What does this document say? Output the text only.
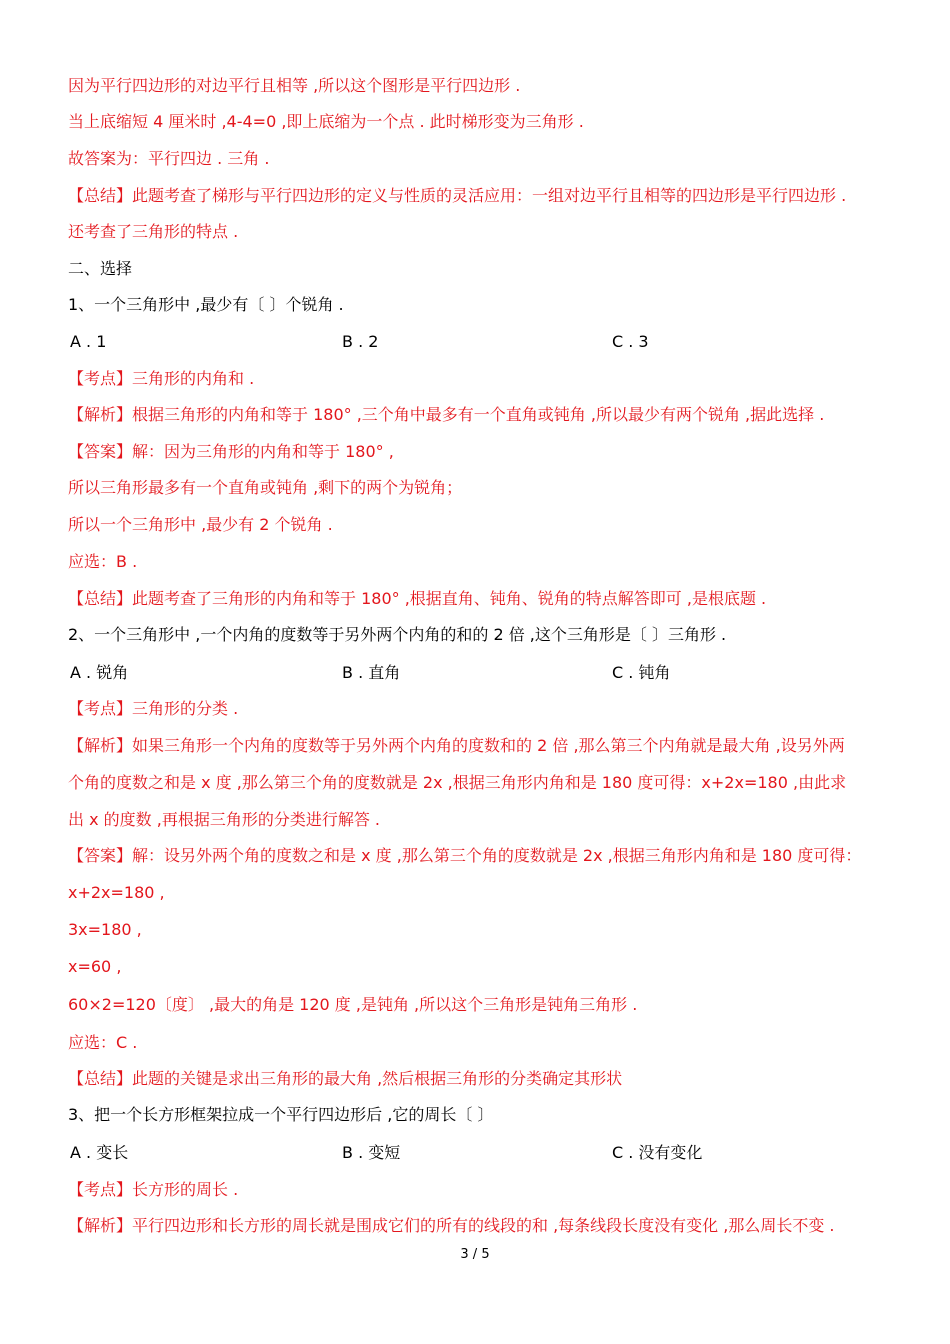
因为平行四边形的对边平行且相等 ,所以这个图形是平行四边形 .
当上底缩短 4 厘米时 ,4-4=0 ,即上底缩为一个点 . 此时梯形变为三角形 .
故答案为：平行四边 . 三角 .
【总结】此题考查了梯形与平行四边形的定义与性质的灵活应用：一组对边平行且相等的四边形是平行四边形 .
还考查了三角形的特点 .
二、选择
1、一个三角形中 ,最少有〔 〕个锐角 .
A . 1	B . 2	C . 3
【考点】三角形的内角和 .
【解析】根据三角形的内角和等于 180° ,三个角中最多有一个直角或钝角 ,所以最少有两个锐角 ,据此选择 .
【答案】解：因为三角形的内角和等于 180° ,
所以三角形最多有一个直角或钝角 ,剩下的两个为锐角；
所以一个三角形中 ,最少有 2 个锐角 .
应选：B .
【总结】此题考查了三角形的内角和等于 180° ,根据直角、钝角、锐角的特点解答即可 ,是根底题 .
2、一个三角形中 ,一个内角的度数等于另外两个内角的和的 2 倍 ,这个三角形是〔 〕三角形 .
A . 锐角	B . 直角	C . 钝角
【考点】三角形的分类 .
【解析】如果三角形一个内角的度数等于另外两个内角的度数和的 2 倍 ,那么第三个内角就是最大角 ,设另外两
个角的度数之和是 x 度 ,那么第三个角的度数就是 2x ,根据三角形内角和是 180 度可得：x+2x=180 ,由此求
出 x 的度数 ,再根据三角形的分类进行解答 .
【答案】解：设另外两个角的度数之和是 x 度 ,那么第三个角的度数就是 2x ,根据三角形内角和是 180 度可得：
x+2x=180 ,
3x=180 ,
x=60 ,
60×2=120〔度〕 ,最大的角是 120 度 ,是钝角 ,所以这个三角形是钝角三角形 .
应选：C .
【总结】此题的关键是求出三角形的最大角 ,然后根据三角形的分类确定其形状
3、把一个长方形框架拉成一个平行四边形后 ,它的周长〔 〕
A . 变长	B . 变短	C . 没有变化
【考点】长方形的周长 .
【解析】平行四边形和长方形的周长就是围成它们的所有的线段的和 ,每条线段长度没有变化 ,那么周长不变 .
3 / 5
